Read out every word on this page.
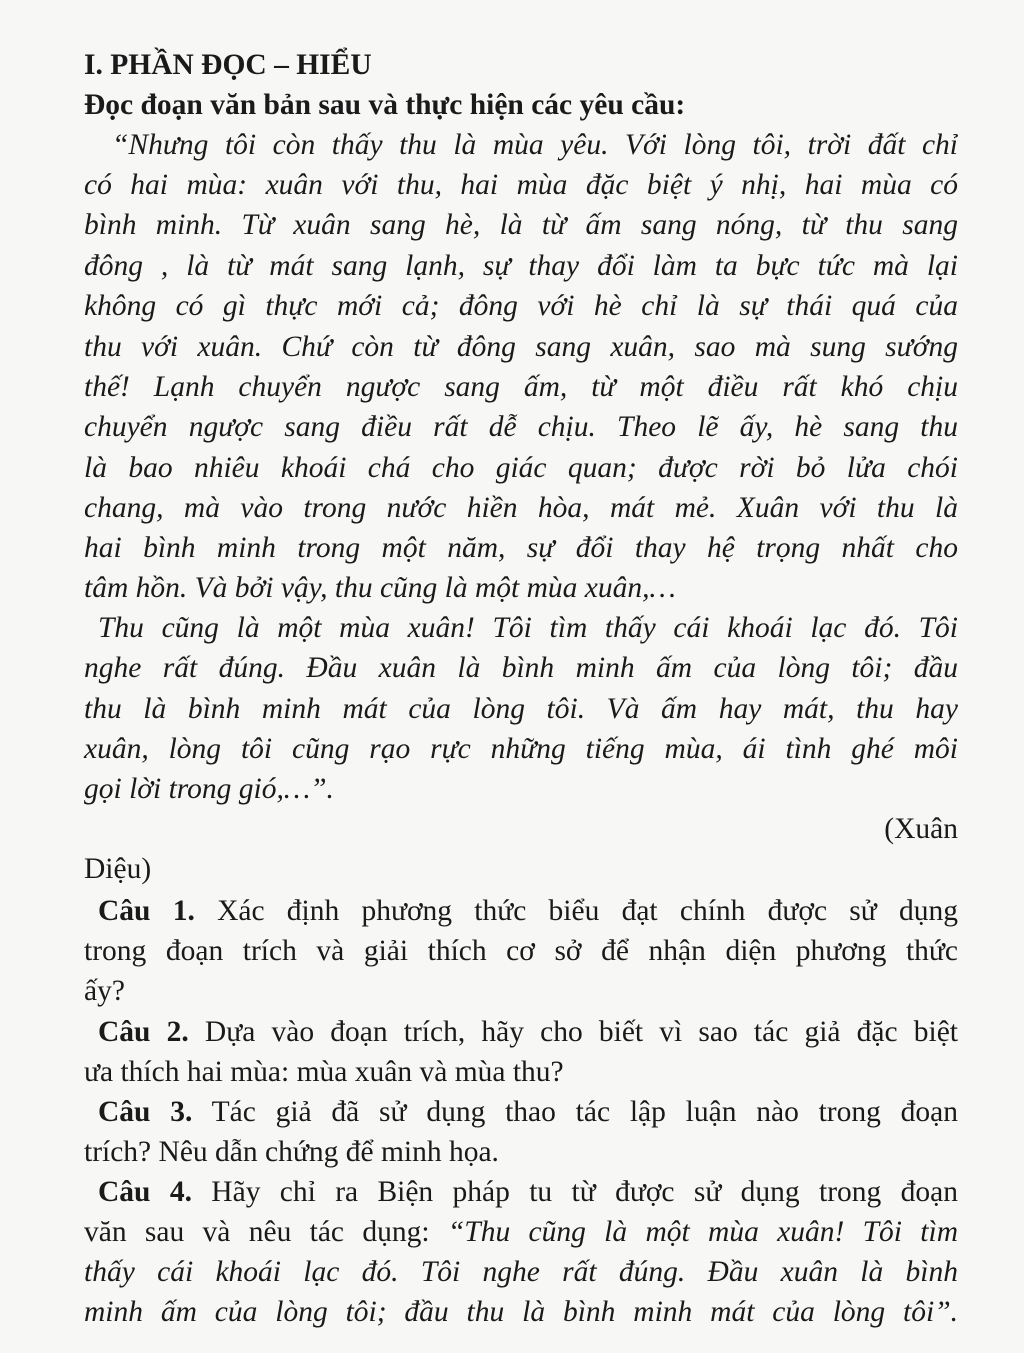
I. PHẦN ĐỌC – HIỂU
Đọc đoạn văn bản sau và thực hiện các yêu cầu:
“Nhưng tôi còn thấy thu là mùa yêu. Với lòng tôi, trời đất chỉ
có hai mùa: xuân với thu, hai mùa đặc biệt ý nhị, hai mùa có
bình minh. Từ xuân sang hè, là từ ấm sang nóng, từ thu sang
đông , là từ mát sang lạnh, sự thay đổi làm ta bực tức mà lại
không có gì thực mới cả; đông với hè chỉ là sự thái quá của
thu với xuân. Chứ còn từ đông sang xuân, sao mà sung sướng
thế! Lạnh chuyển ngược sang ấm, từ một điều rất khó chịu
chuyển ngược sang điều rất dễ chịu. Theo lẽ ấy, hè sang thu
là bao nhiêu khoái chá cho giác quan; được rời bỏ lửa chói
chang, mà vào trong nước hiền hòa, mát mẻ. Xuân với thu là
hai bình minh trong một năm, sự đổi thay hệ trọng nhất cho
tâm hồn. Và bởi vậy, thu cũng là một mùa xuân,…
Thu cũng là một mùa xuân! Tôi tìm thấy cái khoái lạc đó. Tôi
nghe rất đúng. Đầu xuân là bình minh ấm của lòng tôi; đầu
thu là bình minh mát của lòng tôi. Và ấm hay mát, thu hay
xuân, lòng tôi cũng rạo rực những tiếng mùa, ái tình ghé môi
gọi lời trong gió,…”.
(Xuân
Diệu)
Câu 1. Xác định phương thức biểu đạt chính được sử dụng
trong đoạn trích và giải thích cơ sở để nhận diện phương thức
ấy?
Câu 2. Dựa vào đoạn trích, hãy cho biết vì sao tác giả đặc biệt
ưa thích hai mùa: mùa xuân và mùa thu?
Câu 3. Tác giả đã sử dụng thao tác lập luận nào trong đoạn
trích? Nêu dẫn chứng để minh họa.
Câu 4. Hãy chỉ ra Biện pháp tu từ được sử dụng trong đoạn
văn sau và nêu tác dụng: “Thu cũng là một mùa xuân! Tôi tìm
thấy cái khoái lạc đó. Tôi nghe rất đúng. Đầu xuân là bình
minh ấm của lòng tôi; đầu thu là bình minh mát của lòng tôi”.
